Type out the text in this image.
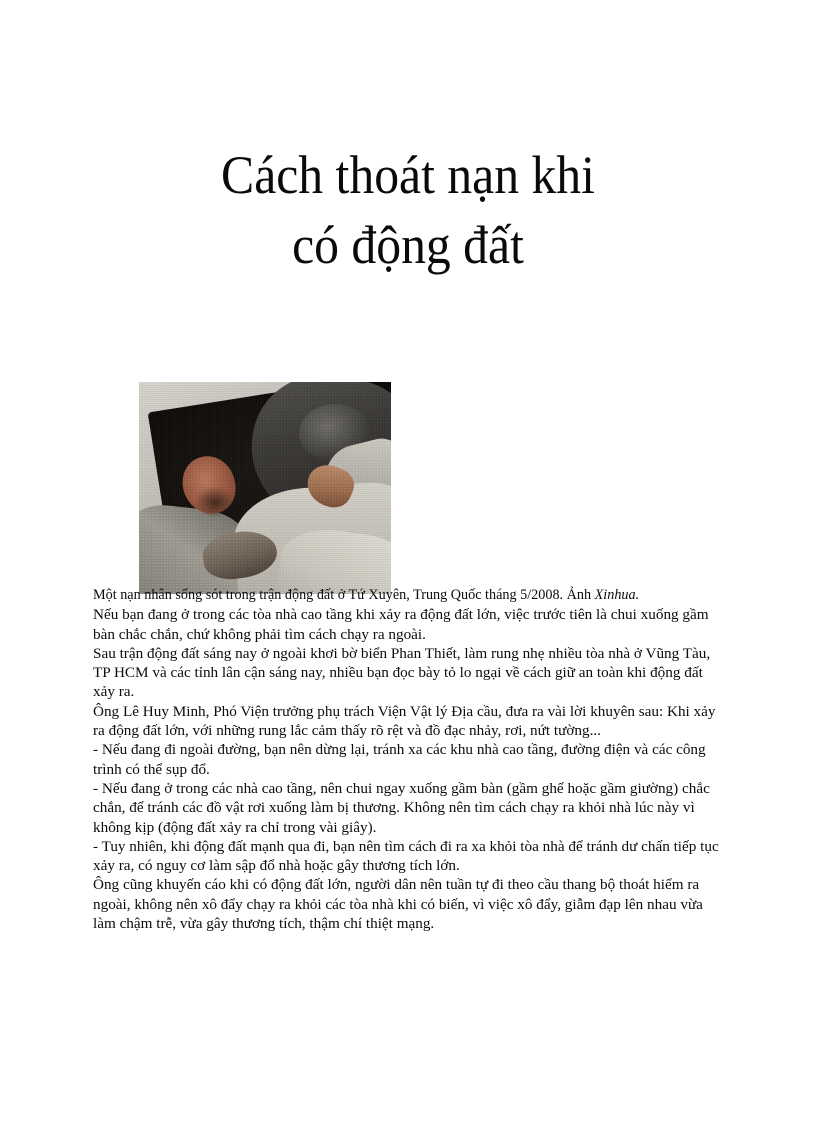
Cách thoát nạn khi
có động đất

Một nạn nhân sống sót trong trận động đất ở Tứ Xuyên, Trung Quốc tháng 5/2008. Ảnh Xinhua.

Nếu bạn đang ở trong các tòa nhà cao tầng khi xảy ra động đất lớn, việc trước tiên là chui xuống gầm bàn chắc chắn, chứ không phải tìm cách chạy ra ngoài.

Sau trận động đất sáng nay ở ngoài khơi bờ biển Phan Thiết, làm rung nhẹ nhiều tòa nhà ở Vũng Tàu, TP HCM và các tỉnh lân cận sáng nay, nhiều bạn đọc bày tỏ lo ngại về cách giữ an toàn khi động đất xảy ra.

Ông Lê Huy Minh, Phó Viện trưởng phụ trách Viện Vật lý Địa cầu, đưa ra vài lời khuyên sau: Khi xảy ra động đất lớn, với những rung lắc cảm thấy rõ rệt và đồ đạc nhảy, rơi, nứt tường...

- Nếu đang đi ngoài đường, bạn nên dừng lại, tránh xa các khu nhà cao tầng, đường điện và các công trình có thể sụp đổ.

- Nếu đang ở trong các nhà cao tầng, nên chui ngay xuống gầm bàn (gầm ghế hoặc gầm giường) chắc chắn, để tránh các đồ vật rơi xuống làm bị thương. Không nên tìm cách chạy ra khỏi nhà lúc này vì không kịp (động đất xảy ra chỉ trong vài giây).

- Tuy nhiên, khi động đất mạnh qua đi, bạn nên tìm cách đi ra xa khỏi tòa nhà để tránh dư chấn tiếp tục xảy ra, có nguy cơ làm sập đổ nhà hoặc gây thương tích lớn.

Ông cũng khuyến cáo khi có động đất lớn, người dân nên tuần tự đi theo cầu thang bộ thoát hiểm ra ngoài, không nên xô đẩy chạy ra khỏi các tòa nhà khi có biến, vì việc xô đẩy, giẫm đạp lên nhau vừa làm chậm trễ, vừa gây thương tích, thậm chí thiệt mạng.
